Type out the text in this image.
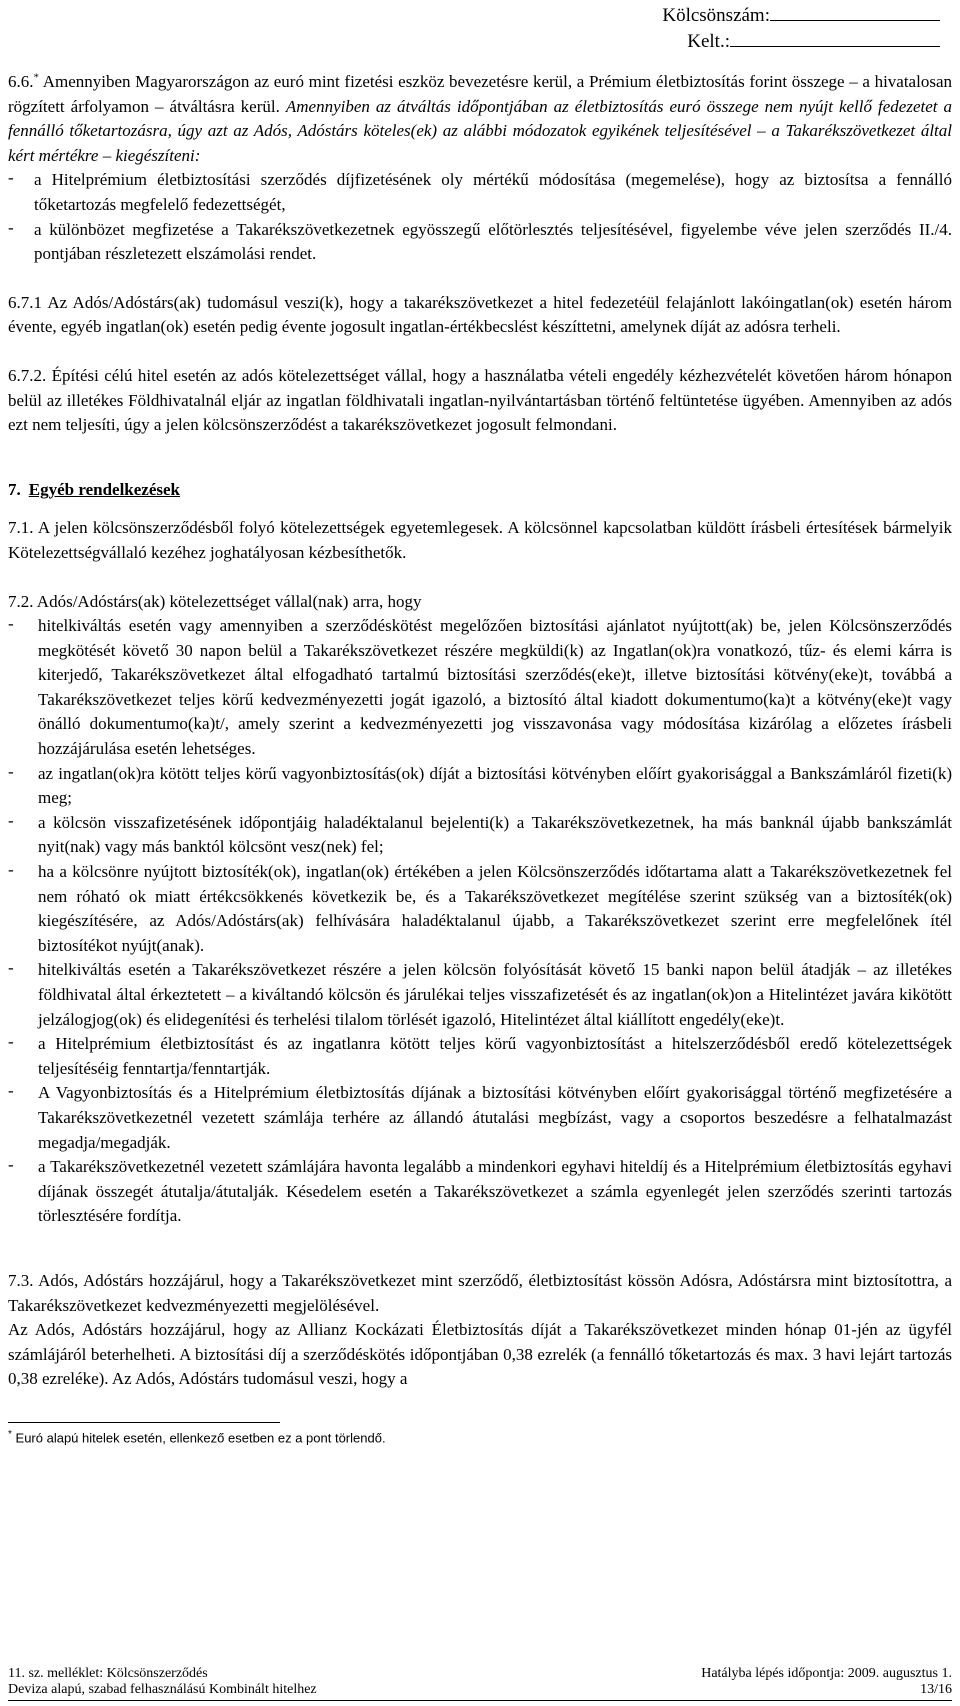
Kölcsönszám:
Kelt.:

6.6.* Amennyiben Magyarországon az euró mint fizetési eszköz bevezetésre kerül, a Prémium életbiztosítás forint összege – a hivatalosan rögzített árfolyamon – átváltásra kerül. Amennyiben az átváltás időpontjában az életbiztosítás euró összege nem nyújt kellő fedezetet a fennálló tőketartozásra, úgy azt az Adós, Adóstárs köteles(ek) az alábbi módozatok egyikének teljesítésével – a Takarékszövetkezet által kért mértékre – kiegészíteni:

-	a Hitelprémium életbiztosítási szerződés díjfizetésének oly mértékű módosítása (megemelése), hogy az biztosítsa a fennálló tőketartozás megfelelő fedezettségét,
-	a különbözet megfizetése a Takarékszövetkezetnek egyösszegű előtörlesztés teljesítésével, figyelembe véve jelen szerződés II./4. pontjában részletezett elszámolási rendet.

6.7.1 Az Adós/Adóstárs(ak) tudomásul veszi(k), hogy a takarékszövetkezet a hitel fedezetéül felajánlott lakóingatlan(ok) esetén három évente, egyéb ingatlan(ok) esetén pedig évente jogosult ingatlan-értékbecslést készíttetni, amelynek díját az adósra terheli.

6.7.2. Építési célú hitel esetén az adós kötelezettséget vállal, hogy a használatba vételi engedély kézhezvételét követően három hónapon belül az illetékes Földhivatalnál eljár az ingatlan földhivatali ingatlan-nyilvántartásban történő feltüntetése ügyében. Amennyiben az adós ezt nem teljesíti, úgy a jelen kölcsönszerződést a takarékszövetkezet jogosult felmondani.

7. Egyéb rendelkezések

7.1. A jelen kölcsönszerződésből folyó kötelezettségek egyetemlegesek. A kölcsönnel kapcsolatban küldött írásbeli értesítések bármelyik Kötelezettségvállaló kezéhez joghatályosan kézbesíthetők.

7.2. Adós/Adóstárs(ak) kötelezettséget vállal(nak) arra, hogy

-	hitelkiváltás esetén vagy amennyiben a szerződéskötést megelőzően biztosítási ajánlatot nyújtott(ak) be, jelen Kölcsönszerződés megkötését követő 30 napon belül a Takarékszövetkezet részére megküldi(k) az Ingatlan(ok)ra vonatkozó, tűz- és elemi kárra is kiterjedő, Takarékszövetkezet által elfogadható tartalmú biztosítási szerződés(eke)t, illetve biztosítási kötvény(eke)t, továbbá a Takarékszövetkezet teljes körű kedvezményezetti jogát igazoló, a biztosító által kiadott dokumentumo(ka)t a kötvény(eke)t vagy önálló dokumentumo(ka)t/, amely szerint a kedvezményezetti jog visszavonása vagy módosítása kizárólag a előzetes írásbeli hozzájárulása esetén lehetséges.
-	az ingatlan(ok)ra kötött teljes körű vagyonbiztosítás(ok) díját a biztosítási kötvényben előírt gyakorisággal a Bankszámláról fizeti(k) meg;
-	a kölcsön visszafizetésének időpontjáig haladéktalanul bejelenti(k) a Takarékszövetkezetnek, ha más banknál újabb bankszámlát nyit(nak) vagy más banktól kölcsönt vesz(nek) fel;
-	ha a kölcsönre nyújtott biztosíték(ok), ingatlan(ok) értékében a jelen Kölcsönszerződés időtartama alatt a Takarékszövetkezetnek fel nem róható ok miatt értékcsökkenés következik be, és a Takarékszövetkezet megítélése szerint szükség van a biztosíték(ok) kiegészítésére, az Adós/Adóstárs(ak) felhívására haladéktalanul újabb, a Takarékszövetkezet szerint erre megfelelőnek ítél biztosítékot nyújt(anak).
-	hitelkiváltás esetén a Takarékszövetkezet részére a jelen kölcsön folyósítását követő 15 banki napon belül átadják – az illetékes földhivatal által érkeztetett – a kiváltandó kölcsön és járulékai teljes visszafizetését és az ingatlan(ok)on a Hitelintézet javára kikötött jelzálogjog(ok) és elidegenítési és terhelési tilalom törlését igazoló, Hitelintézet által kiállított engedély(eke)t.
-	a Hitelprémium életbiztosítást és az ingatlanra kötött teljes körű vagyonbiztosítást a hitelszerződésből eredő kötelezettségek teljesítéséig fenntartja/fenntartják.
-	A Vagyonbiztosítás és a Hitelprémium életbiztosítás díjának a biztosítási kötvényben előírt gyakorisággal történő megfizetésére a Takarékszövetkezetnél vezetett számlája terhére az állandó átutalási megbízást, vagy a csoportos beszedésre a felhatalmazást megadja/megadják.
-	a Takarékszövetkezetnél vezetett számlájára havonta legalább a mindenkori egyhavi hiteldíj és a Hitelprémium életbiztosítás egyhavi díjának összegét átutalja/átutalják. Késedelem esetén a Takarékszövetkezet a számla egyenlegét jelen szerződés szerinti tartozás törlesztésére fordítja.

7.3. Adós, Adóstárs hozzájárul, hogy a Takarékszövetkezet mint szerződő, életbiztosítást kössön Adósra, Adóstársra mint biztosítottra, a Takarékszövetkezet kedvezményezetti megjelölésével.

Az Adós, Adóstárs hozzájárul, hogy az Allianz Kockázati Életbiztosítás díját a Takarékszövetkezet minden hónap 01-jén az ügyfél számlájáról beterhelheti. A biztosítási díj a szerződéskötés időpontjában 0,38 ezrelék (a fennálló tőketartozás és max. 3 havi lejárt tartozás 0,38 ezreléke). Az Adós, Adóstárs tudomásul veszi, hogy a

* Euró alapú hitelek esetén, ellenkező esetben ez a pont törlendő.
11. sz. melléklet: Kölcsönszerződés	Hatályba lépés időpontja: 2009. augusztus 1.
Deviza alapú, szabad felhasználású Kombinált hitelhez	13/16
